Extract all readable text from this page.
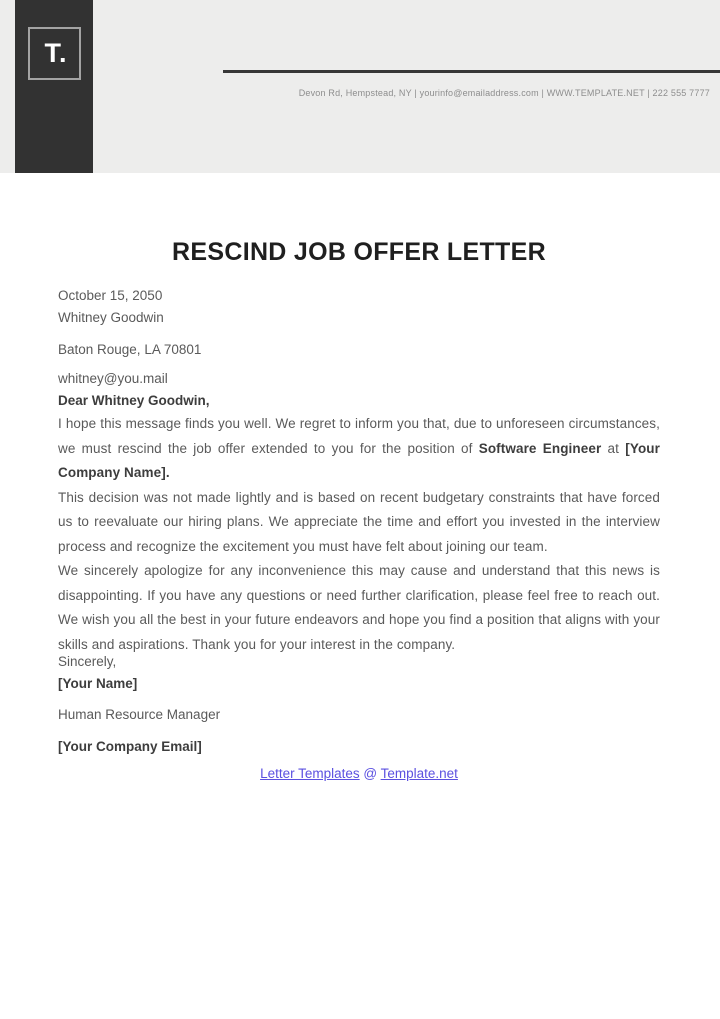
T.
Devon Rd, Hempstead, NY | yourinfo@emailaddress.com | WWW.TEMPLATE.NET | 222 555 7777
RESCIND JOB OFFER LETTER

October 15, 2050

Whitney Goodwin

Baton Rouge, LA 70801

whitney@you.mail

Dear Whitney Goodwin,

I hope this message finds you well. We regret to inform you that, due to unforeseen circumstances, we must rescind the job offer extended to you for the position of Software Engineer at [Your Company Name].

This decision was not made lightly and is based on recent budgetary constraints that have forced us to reevaluate our hiring plans. We appreciate the time and effort you invested in the interview process and recognize the excitement you must have felt about joining our team.

We sincerely apologize for any inconvenience this may cause and understand that this news is disappointing. If you have any questions or need further clarification, please feel free to reach out. We wish you all the best in your future endeavors and hope you find a position that aligns with your skills and aspirations. Thank you for your interest in the company.

Sincerely,

[Your Name]

Human Resource Manager

[Your Company Email]

Letter Templates @ Template.net
